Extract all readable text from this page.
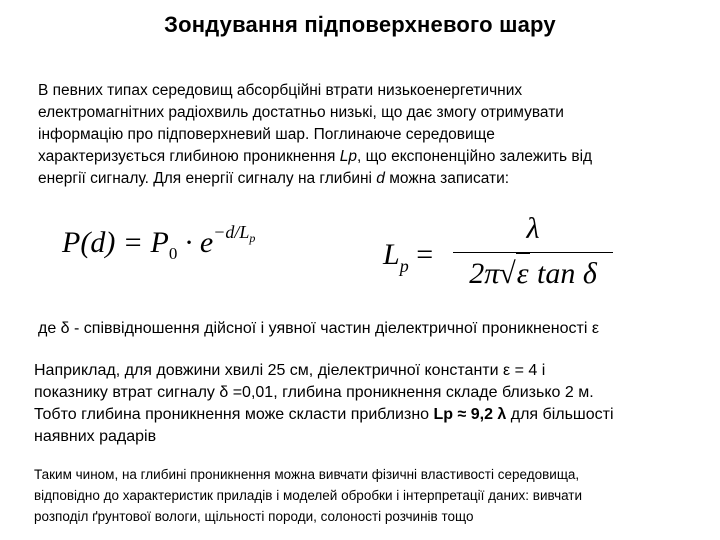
Зондування підповерхневого шару

В певних типах середовищ абсорбційні втрати низькоенергетичних

електромагнітних радіохвиль достатньо низькі, що дає змогу отримувати

інформацію про підповерхневий шар. Поглинаюче середовище

характеризується глибиною проникнення Lp, що експоненційно залежить від

енергії сигналу. Для енергії сигналу на глибині d можна записати:

$P(d) = P_0 \cdot e^{-d/L_p}$	$L_p$ =
λ
2π√ε tan δ
де δ - співвідношення дійсної і уявної частин діелектричної проникненості ε

Наприклад, для довжини хвилі 25 см, діелектричної константи ε = 4 і

показнику втрат сигналу δ =0,01, глибина проникнення складе близько 2 м.

Тобто глибина проникнення може скласти приблизно Lp ≈ 9,2 λ для більшості

наявних радарів

Таким чином, на глибині проникнення можна вивчати фізичні властивості середовища,

відповідно до характеристик приладів і моделей обробки і інтерпретації даних: вивчати

розподіл ґрунтової вологи, щільності породи, солоності розчинів тощо
